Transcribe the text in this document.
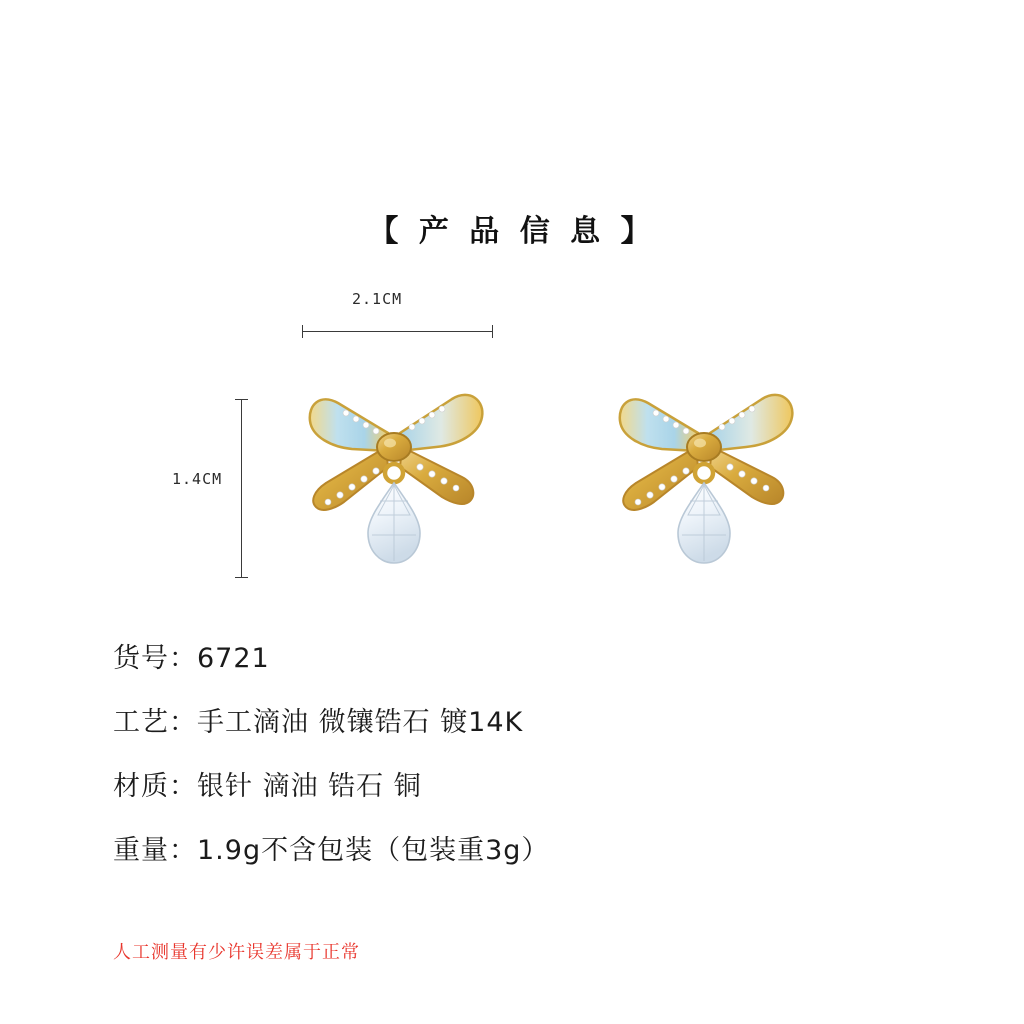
【 产 品 信 息 】
2.1CM
1.4CM
货号：6721
工艺：手工滴油 微镶锆石 镀14K
材质：银针 滴油 锆石 铜
重量：1.9g不含包装（包装重3g）
人工测量有少许误差属于正常
